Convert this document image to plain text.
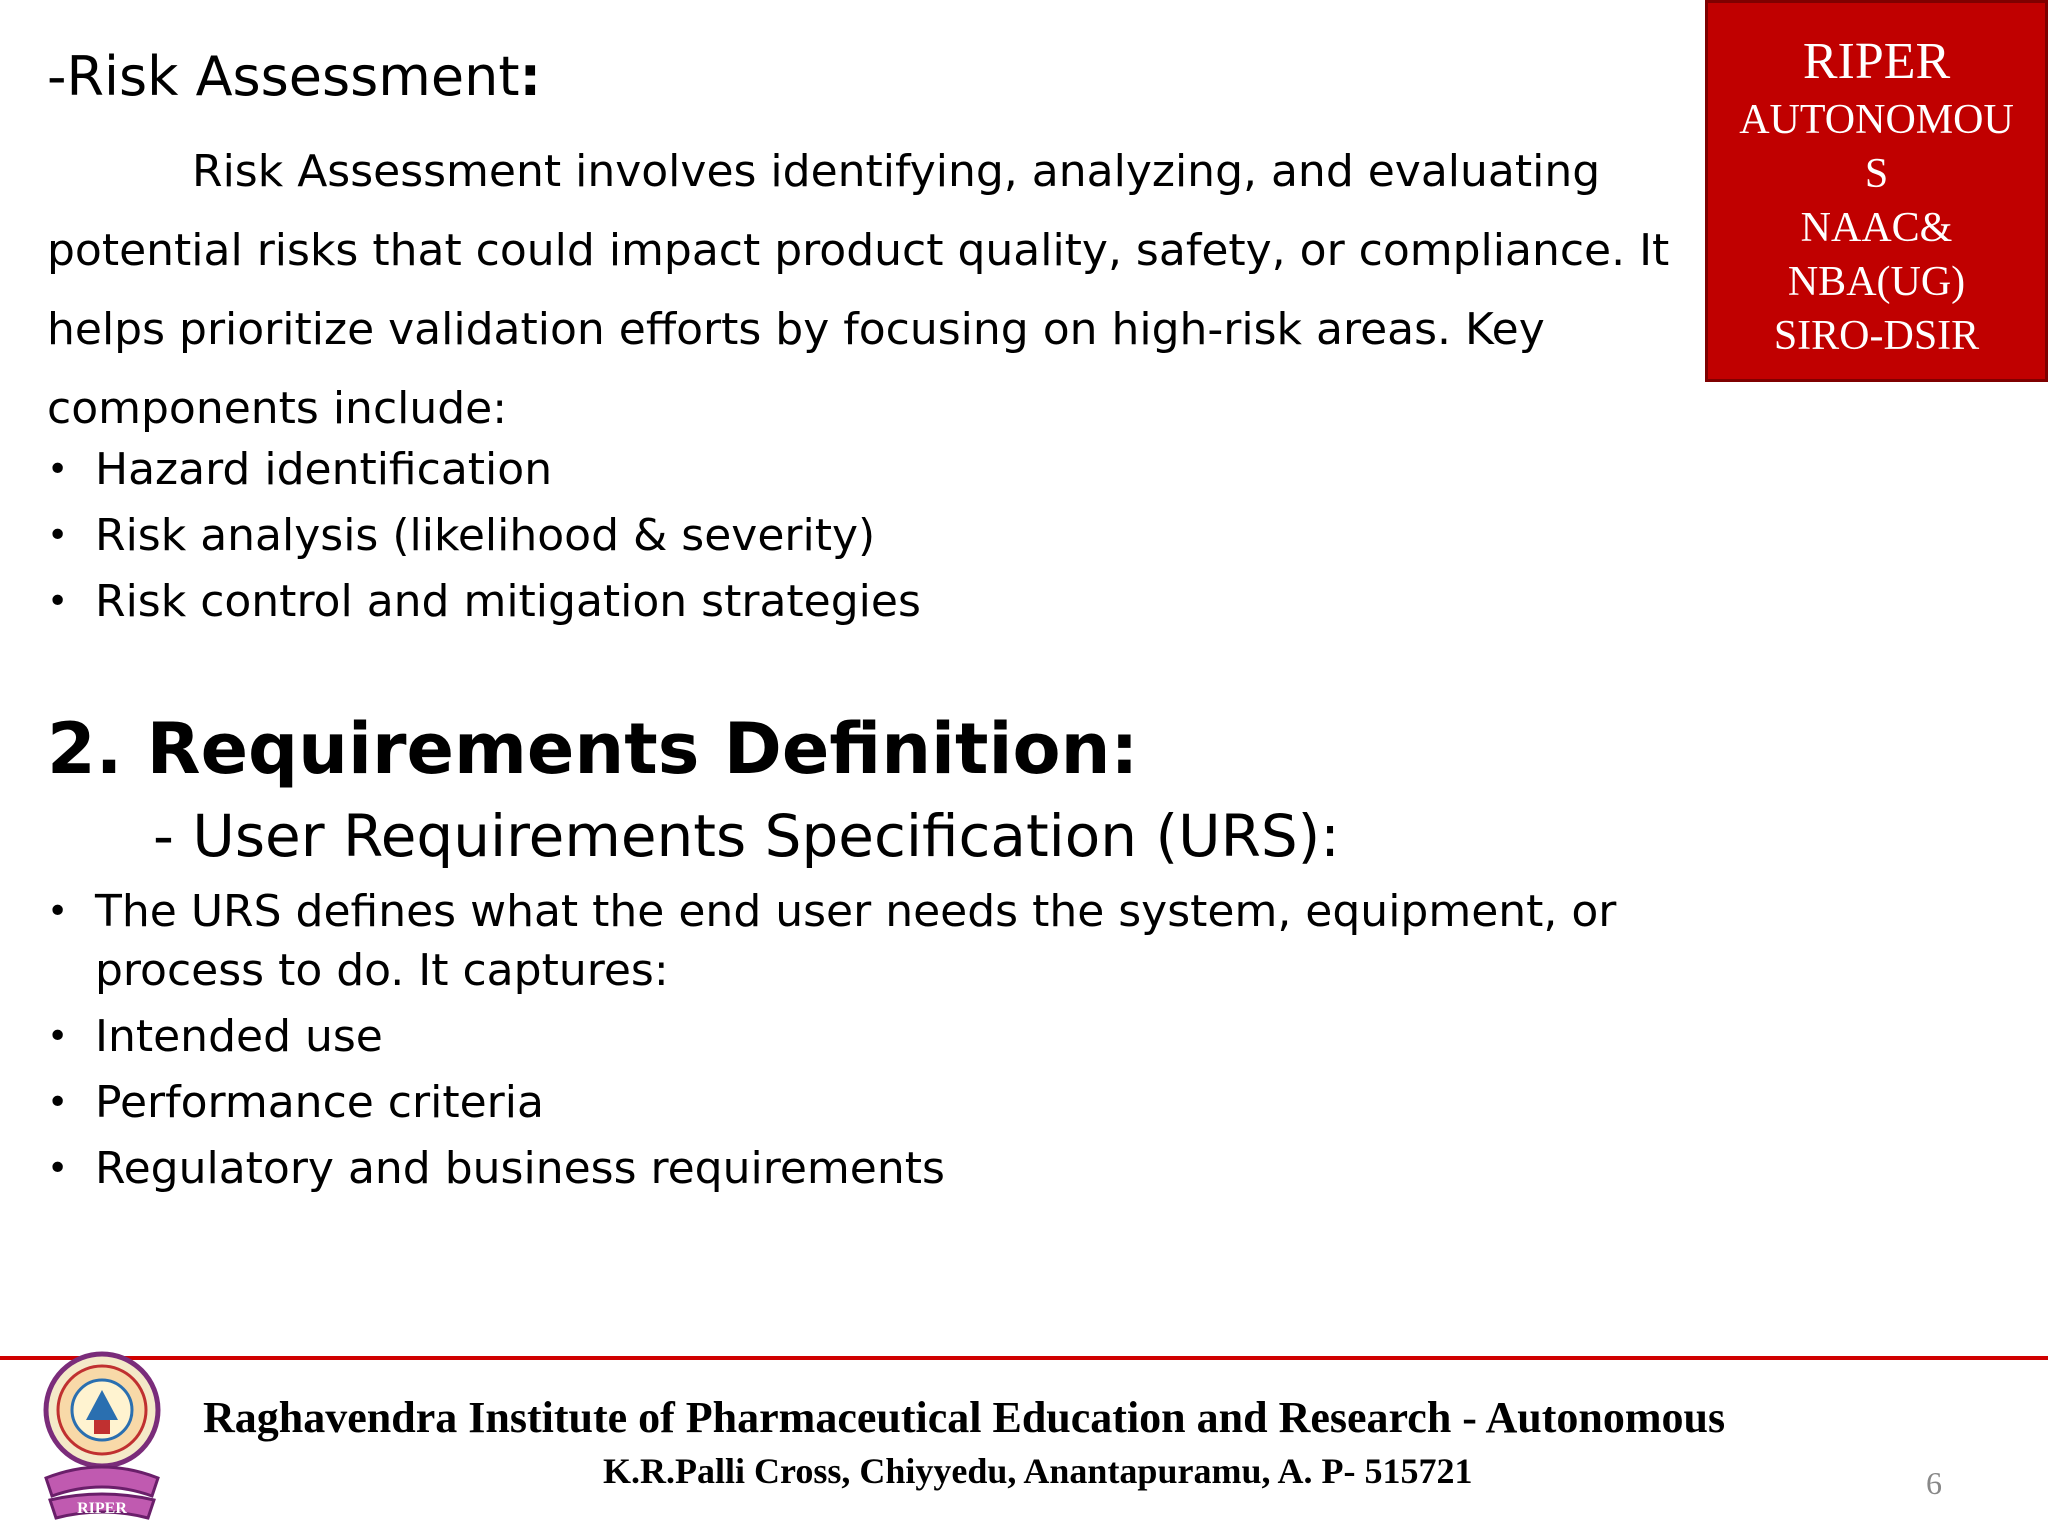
-Risk Assessment:
Risk Assessment involves identifying, analyzing, and evaluating potential risks that could impact product quality, safety, or compliance. It helps prioritize validation efforts by focusing on high-risk areas. Key components include:
• Hazard identification
• Risk analysis (likelihood & severity)
• Risk control and mitigation strategies
2. Requirements Definition:
- User Requirements Specification (URS):
• The URS defines what the end user needs the system, equipment, or process to do. It captures:
• Intended use
• Performance criteria
• Regulatory and business requirements
RIPER
AUTONOMOU
S
NAAC&
NBA(UG)
SIRO-DSIR
RIPER
Raghavendra Institute of Pharmaceutical Education and Research - Autonomous
K.R.Palli Cross, Chiyyedu, Anantapuramu, A. P- 515721	6
